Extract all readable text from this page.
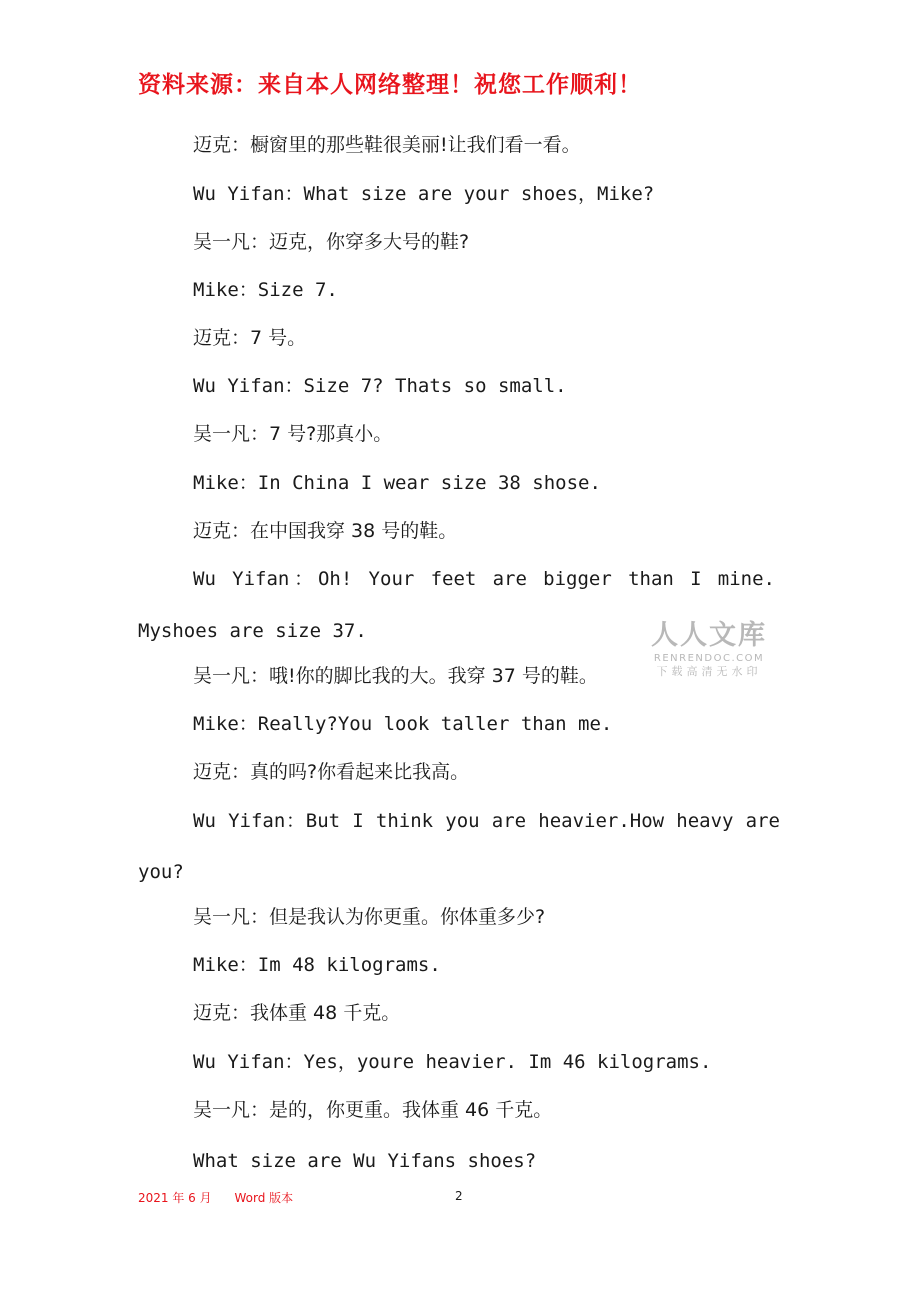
资料来源：来自本人网络整理！祝您工作顺利！
迈克：橱窗里的那些鞋很美丽!让我们看一看。
Wu Yifan：What size are your shoes，Mike?
吴一凡：迈克，你穿多大号的鞋?
Mike：Size 7.
迈克：7 号。
Wu Yifan：Size 7? Thats so small.
吴一凡：7 号?那真小。
Mike：In China I wear size 38 shose.
迈克：在中国我穿 38 号的鞋。
Wu Yifan：Oh! Your feet are bigger than I mine.
Myshoes are size 37.
吴一凡：哦!你的脚比我的大。我穿 37 号的鞋。
Mike：Really?You look taller than me.
迈克：真的吗?你看起来比我高。
Wu Yifan：But I think you are heavier.How heavy are
you?
吴一凡：但是我认为你更重。你体重多少?
Mike：Im 48 kilograms.
迈克：我体重 48 千克。
Wu Yifan：Yes，youre heavier. Im 46 kilograms.
吴一凡：是的，你更重。我体重 46 千克。
What size are Wu Yifans shoes?
人人文库
RENRENDOC.COM
下载高清无水印
2021 年 6 月      Word 版本	2
